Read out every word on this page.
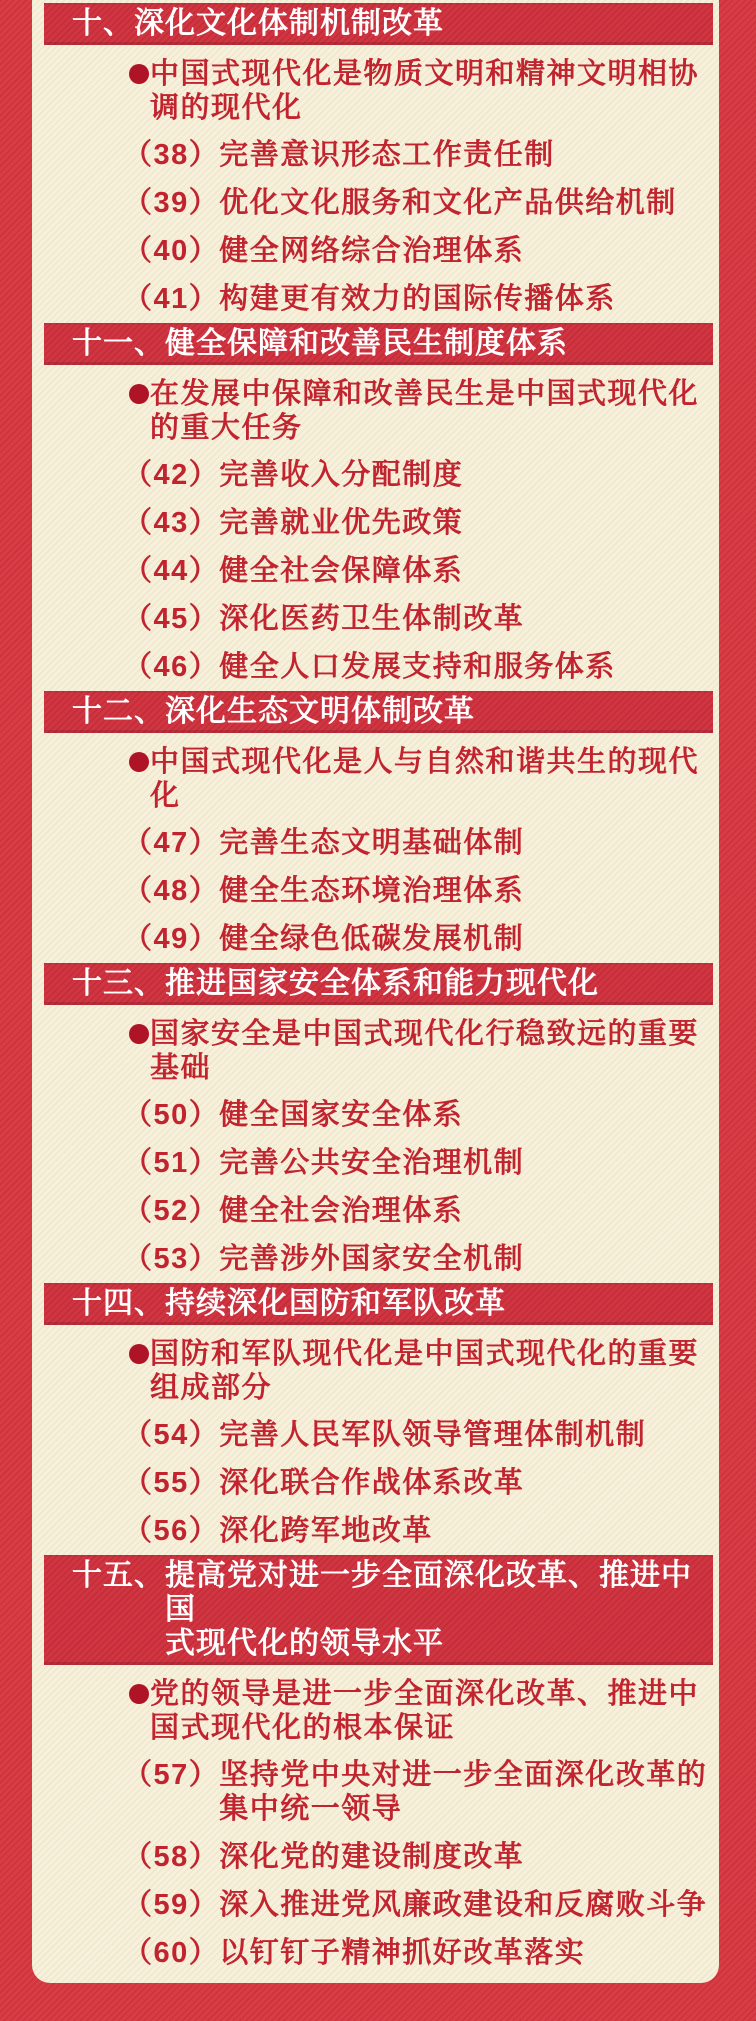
十、 深化文化体制机制改革
中国式现代化是物质文明和精神文明相协
调的现代化
（38） 完善意识形态工作责任制
（39） 优化文化服务和文化产品供给机制
（40） 健全网络综合治理体系
（41） 构建更有效力的国际传播体系
十一、 健全保障和改善民生制度体系
在发展中保障和改善民生是中国式现代化
的重大任务
（42） 完善收入分配制度
（43） 完善就业优先政策
（44） 健全社会保障体系
（45） 深化医药卫生体制改革
（46） 健全人口发展支持和服务体系
十二、 深化生态文明体制改革
中国式现代化是人与自然和谐共生的现代
化
（47） 完善生态文明基础体制
（48） 健全生态环境治理体系
（49） 健全绿色低碳发展机制
十三、 推进国家安全体系和能力现代化
国家安全是中国式现代化行稳致远的重要
基础
（50） 健全国家安全体系
（51） 完善公共安全治理机制
（52） 健全社会治理体系
（53） 完善涉外国家安全机制
十四、 持续深化国防和军队改革
国防和军队现代化是中国式现代化的重要
组成部分
（54） 完善人民军队领导管理体制机制
（55） 深化联合作战体系改革
（56） 深化跨军地改革
十五、 提高党对进一步全面深化改革、推进中国
式现代化的领导水平
党的领导是进一步全面深化改革、推进中
国式现代化的根本保证
（57） 坚持党中央对进一步全面深化改革的
集中统一领导
（58） 深化党的建设制度改革
（59） 深入推进党风廉政建设和反腐败斗争
（60） 以钉钉子精神抓好改革落实
